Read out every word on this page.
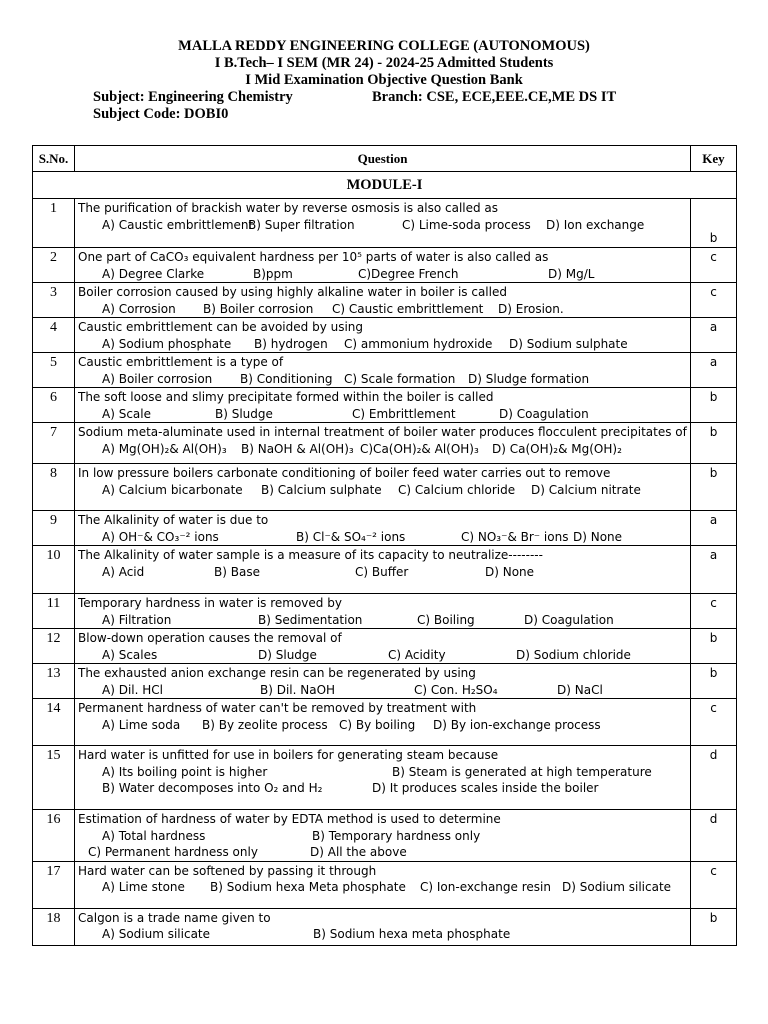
MALLA REDDY ENGINEERING COLLEGE (AUTONOMOUS)
I B.Tech– I SEM (MR 24) - 2024-25 Admitted Students
I Mid Examination Objective Question Bank
Subject: Engineering Chemistry	Branch: CSE, ECE,EEE.CE,ME DS IT
Subject Code: DOBI0
S.No.	Question	Key
MODULE-I		
1	The purification of brackish water by reverse osmosis is also called as
A) Caustic embrittlement
B) Super filtration C) Lime-soda process D) Ion exchange	b
2	One part of CaCO₃ equivalent hardness per 10⁵ parts of water is also called as
A) Degree Clarke B)ppm C)Degree French D) Mg/L	c
3	Boiler corrosion caused by using highly alkaline water in boiler is called
A) Corrosion B) Boiler corrosion C) Caustic embrittlement D) Erosion.	c
4	Caustic embrittlement can be avoided by using
A) Sodium phosphate B) hydrogen C) ammonium hydroxide D) Sodium sulphate	a
5	Caustic embrittlement is a type of
A) Boiler corrosion B) Conditioning C) Scale formation D) Sludge formation	a
6	The soft loose and slimy precipitate formed within the boiler is called
A) Scale B) Sludge C) Embrittlement D) Coagulation	b
7	Sodium meta-aluminate used in internal treatment of boiler water produces flocculent precipitates of
A) Mg(OH)₂& Al(OH)₃ B) NaOH & Al(OH)₃ C)Ca(OH)₂& Al(OH)₃ D) Ca(OH)₂& Mg(OH)₂	b
8	In low pressure boilers carbonate conditioning of boiler feed water carries out to remove
A) Calcium bicarbonate B) Calcium sulphate C) Calcium chloride D) Calcium nitrate	b
9	The Alkalinity of water is due to
A) OH⁻& CO₃⁻² ions B) Cl⁻& SO₄⁻² ions C) NO₃⁻& Br⁻ ions D) None	a
10	The Alkalinity of water sample is a measure of its capacity to neutralize--------
A) Acid B) Base C) Buffer D) None	a
11	Temporary hardness in water is removed by
A) Filtration B) Sedimentation C) Boiling D) Coagulation	c
12	Blow-down operation causes the removal of
A) Scales D) Sludge C) Acidity D) Sodium chloride	b
13	The exhausted anion exchange resin can be regenerated by using
A) Dil. HCl B) Dil. NaOH C) Con. H₂SO₄ D) NaCl	b
14	Permanent hardness of water can't be removed by treatment with
A) Lime soda B) By zeolite process C) By boiling D) By ion-exchange process	c
15	Hard water is unfitted for use in boilers for generating steam because
A) Its boiling point is higher B) Steam is generated at high temperature
B) Water decomposes into O₂ and H₂ D) It produces scales inside the boiler	d
16	Estimation of hardness of water by EDTA method is used to determine
A) Total hardness B) Temporary hardness only
C) Permanent hardness only D) All the above	d
17	Hard water can be softened by passing it through
A) Lime stone B) Sodium hexa Meta phosphate C) Ion-exchange resin D) Sodium silicate	c
18	Calgon is a trade name given to
A) Sodium silicate B) Sodium hexa meta phosphate	b
